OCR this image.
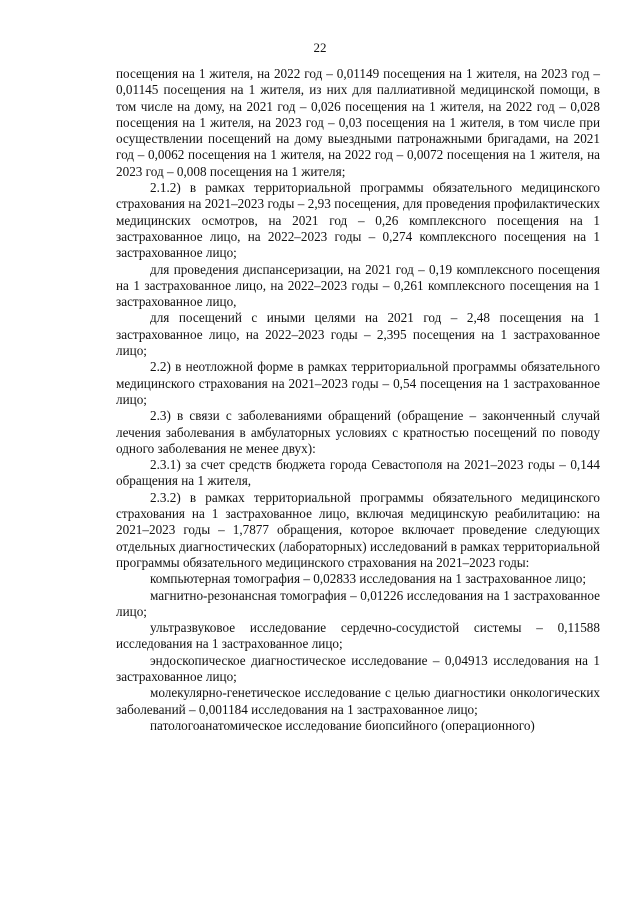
22

посещения на 1 жителя, на 2022 год – 0,01149 посещения на 1 жителя, на 2023 год – 0,01145 посещения на 1 жителя, из них для паллиативной медицинской помощи, в том числе на дому, на 2021 год – 0,026 посещения на 1 жителя, на 2022 год – 0,028 посещения на 1 жителя, на 2023 год – 0,03 посещения на 1 жителя, в том числе при осуществлении посещений на дому выездными патронажными бригадами, на 2021 год – 0,0062 посещения на 1 жителя, на 2022 год – 0,0072 посещения на 1 жителя, на 2023 год – 0,008 посещения на 1 жителя;

2.1.2) в рамках территориальной программы обязательного медицинского страхования на 2021–2023 годы – 2,93 посещения, для проведения профилактических медицинских осмотров, на 2021 год – 0,26 комплексного посещения на 1 застрахованное лицо, на 2022–2023 годы – 0,274 комплексного посещения на 1 застрахованное лицо;

для проведения диспансеризации, на 2021 год – 0,19 комплексного посещения на 1 застрахованное лицо, на 2022–2023 годы – 0,261 комплексного посещения на 1 застрахованное лицо,

для посещений с иными целями на 2021 год – 2,48 посещения на 1 застрахованное лицо, на 2022–2023 годы – 2,395 посещения на 1 застрахованное лицо;

2.2) в неотложной форме в рамках территориальной программы обязательного медицинского страхования на 2021–2023 годы – 0,54 посещения на 1 застрахованное лицо;

2.3) в связи с заболеваниями обращений (обращение – законченный случай лечения заболевания в амбулаторных условиях с кратностью посещений по поводу одного заболевания не менее двух):

2.3.1) за счет средств бюджета города Севастополя на 2021–2023 годы – 0,144 обращения на 1 жителя,

2.3.2) в рамках территориальной программы обязательного медицинского страхования на 1 застрахованное лицо, включая медицинскую реабилитацию: на 2021–2023 годы – 1,7877 обращения, которое включает проведение следующих отдельных диагностических (лабораторных) исследований в рамках территориальной программы обязательного медицинского страхования на 2021–2023 годы:

компьютерная томография – 0,02833 исследования на 1 застрахованное лицо;

магнитно-резонансная томография – 0,01226 исследования на 1 застрахованное лицо;

ультразвуковое исследование сердечно-сосудистой системы – 0,11588 исследования на 1 застрахованное лицо;

эндоскопическое диагностическое исследование – 0,04913 исследования на 1 застрахованное лицо;

молекулярно-генетическое исследование с целью диагностики онкологических заболеваний – 0,001184 исследования на 1 застрахованное лицо;

патологоанатомическое исследование биопсийного (операционного)
